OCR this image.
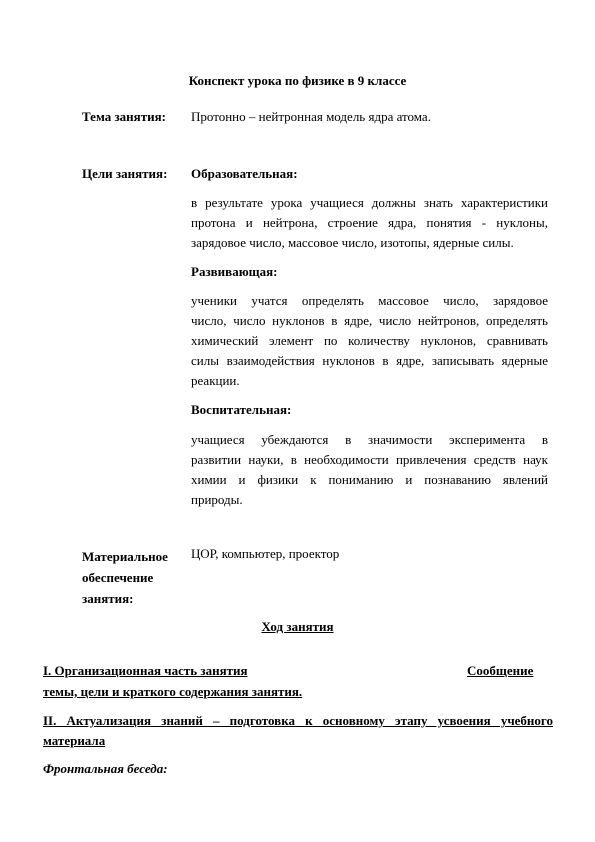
Конспект урока по физике в 9 классе
Тема занятия: Протонно – нейтронная модель ядра атома.
Цели занятия: Образовательная:
в результате урока учащиеся должны знать характеристики
протона и нейтрона, строение ядра, понятия - нуклоны,
зарядовое число, массовое число, изотопы, ядерные силы.
Развивающая:
ученики учатся определять массовое число, зарядовое
число, число нуклонов в ядре, число нейтронов, определять
химический элемент по количеству нуклонов, сравнивать
силы взаимодействия нуклонов в ядре, записывать ядерные
реакции.
Воспитательная:
учащиеся убеждаются в значимости эксперимента в
развитии науки, в необходимости привлечения средств наук
химии и физики к пониманию и познаванию явлений
природы.
Материальное
обеспечение
занятия:
ЦОР, компьютер, проектор
Ход занятия
I. Организационная часть занятия	Сообщение
темы, цели и краткого содержания занятия.
II. Актуализация знаний – подготовка к основному этапу усвоения учебного
материала
Фронтальная беседа:
